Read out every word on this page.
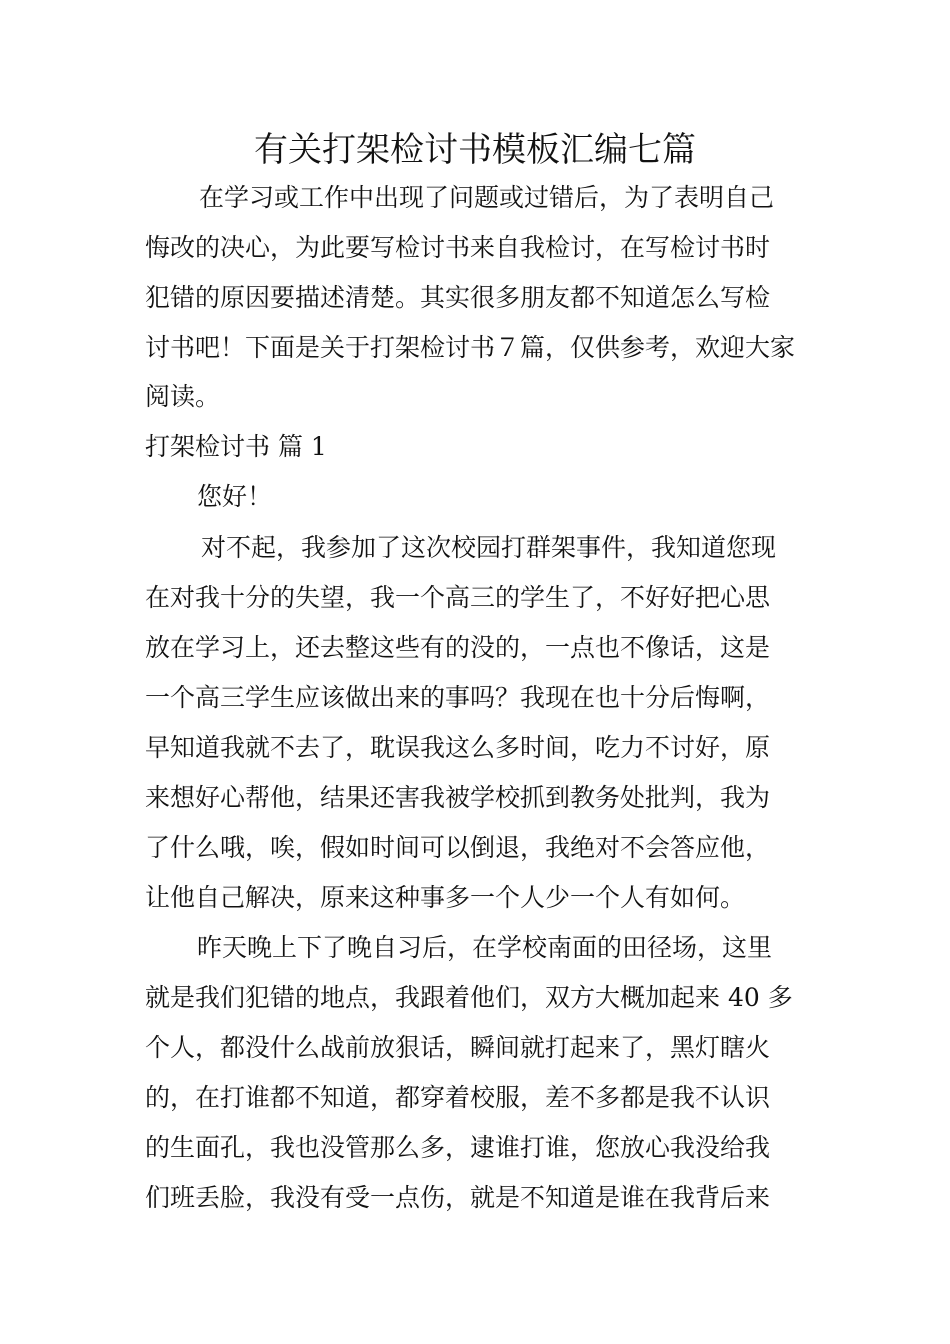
有关打架检讨书模板汇编七篇

在学习或工作中出现了问题或过错后，为了表明自己

悔改的决心，为此要写检讨书来自我检讨，在写检讨书时

犯错的原因要描述清楚。其实很多朋友都不知道怎么写检

讨书吧！下面是关于打架检讨书７篇，仅供参考，欢迎大家

阅读。

打架检讨书 篇 1

您好！

对不起，我参加了这次校园打群架事件，我知道您现

在对我十分的失望，我一个高三的学生了，不好好把心思

放在学习上，还去整这些有的没的，一点也不像话，这是

一个高三学生应该做出来的事吗？我现在也十分后悔啊，

早知道我就不去了，耽误我这么多时间，吃力不讨好，原

来想好心帮他，结果还害我被学校抓到教务处批判，我为

了什么哦，唉，假如时间可以倒退，我绝对不会答应他，

让他自己解决，原来这种事多一个人少一个人有如何。

昨天晚上下了晚自习后，在学校南面的田径场，这里

就是我们犯错的地点，我跟着他们，双方大概加起来 40 多

个人，都没什么战前放狠话，瞬间就打起来了，黑灯瞎火

的，在打谁都不知道，都穿着校服，差不多都是我不认识

的生面孔，我也没管那么多，逮谁打谁，您放心我没给我

们班丢脸，我没有受一点伤，就是不知道是谁在我背后来
